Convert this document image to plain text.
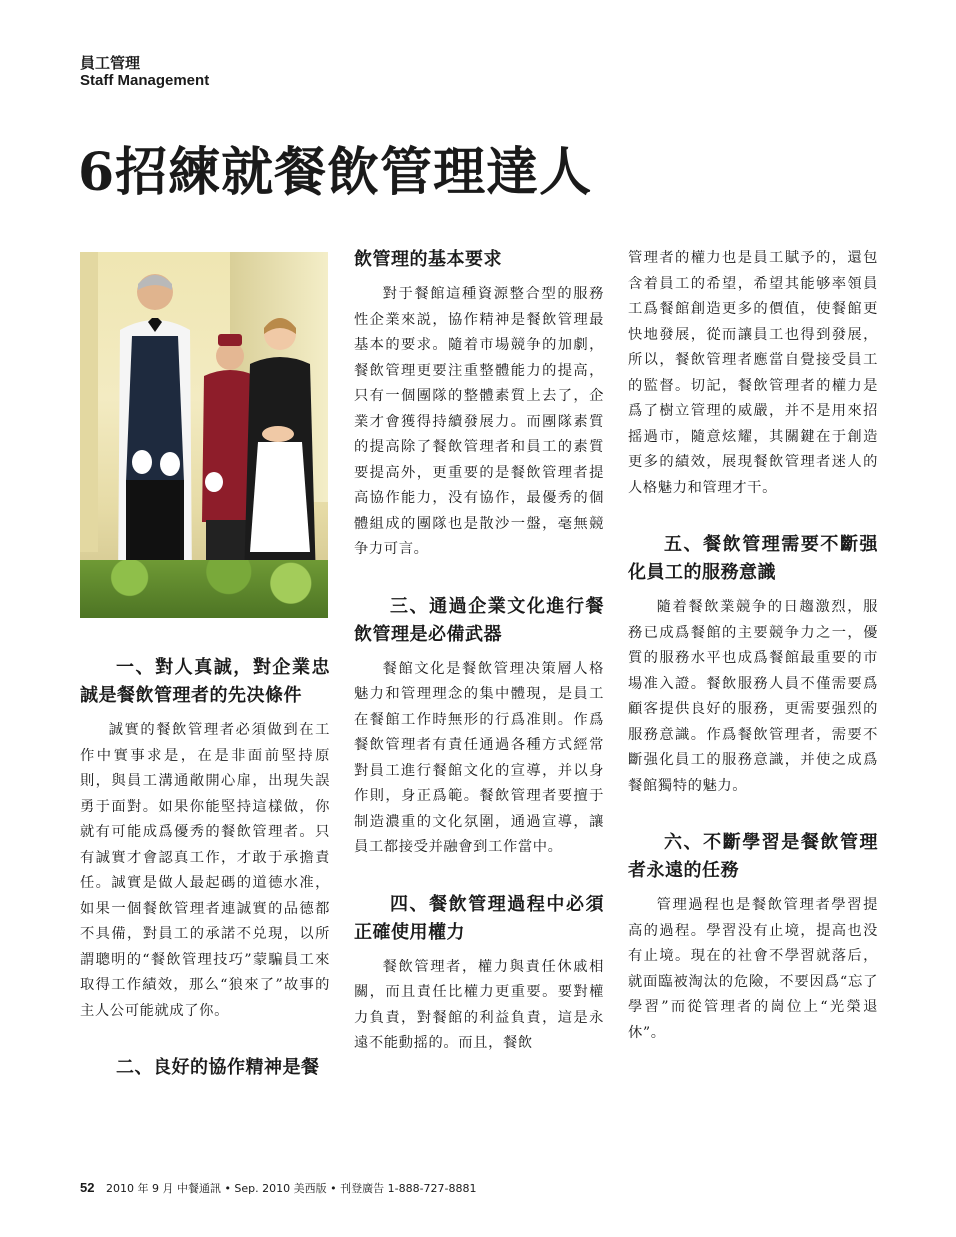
員工管理
Staff Management
6招練就餐飲管理達人
一、對人真誠，對企業忠誠是餐飲管理者的先决條件
誠實的餐飲管理者必須做到在工作中實事求是，在是非面前堅持原則，與員工溝通敞開心扉，出現失誤勇于面對。如果你能堅持這樣做，你就有可能成爲優秀的餐飲管理者。只有誠實才會認真工作，才敢于承擔責任。誠實是做人最起碼的道德水准，如果一個餐飲管理者連誠實的品德都不具備，對員工的承諾不兑現，以所謂聰明的“餐飲管理技巧”蒙騙員工來取得工作績效，那么“狼來了”故事的主人公可能就成了你。
二、良好的協作精神是餐
飲管理的基本要求
對于餐館這種資源整合型的服務性企業來説，協作精神是餐飲管理最基本的要求。隨着市場競争的加劇，餐飲管理更要注重整體能力的提高，只有一個團隊的整體素質上去了，企業才會獲得持續發展力。而團隊素質的提高除了餐飲管理者和員工的素質要提高外，更重要的是餐飲管理者提高協作能力，没有協作，最優秀的個體組成的團隊也是散沙一盤，毫無競争力可言。
三、通過企業文化進行餐飲管理是必備武器
餐館文化是餐飲管理决策層人格魅力和管理理念的集中體現，是員工在餐館工作時無形的行爲准則。作爲餐飲管理者有責任通過各種方式經常對員工進行餐館文化的宣導，并以身作則，身正爲範。餐飲管理者要擅于制造濃重的文化氛圍，通過宣導，讓員工都接受并融會到工作當中。
四、餐飲管理過程中必須正確使用權力
餐飲管理者，權力與責任休戚相關，而且責任比權力更重要。要對權力負責，對餐館的利益負責，這是永遠不能動摇的。而且，餐飲
管理者的權力也是員工賦予的，還包含着員工的希望，希望其能够率領員工爲餐館創造更多的價值，使餐館更快地發展，從而讓員工也得到發展，所以，餐飲管理者應當自覺接受員工的監督。切記，餐飲管理者的權力是爲了樹立管理的威嚴，并不是用來招摇過市，隨意炫耀，其關鍵在于創造更多的績效，展現餐飲管理者迷人的人格魅力和管理才干。
五、餐飲管理需要不斷强化員工的服務意識
隨着餐飲業競争的日趨激烈，服務已成爲餐館的主要競争力之一，優質的服務水平也成爲餐館最重要的市場准入證。餐飲服務人員不僅需要爲顧客提供良好的服務，更需要强烈的服務意識。作爲餐飲管理者，需要不斷强化員工的服務意識，并使之成爲餐館獨特的魅力。
六、不斷學習是餐飲管理者永遠的任務
管理過程也是餐飲管理者學習提高的過程。學習没有止境，提高也没有止境。現在的社會不學習就落后，就面臨被淘汰的危險，不要因爲“忘了學習”而從管理者的崗位上“光榮退休”。
52 2010 年 9 月 中餐通訊 • Sep. 2010 美西版 • 刊登廣告 1-888-727-8881
